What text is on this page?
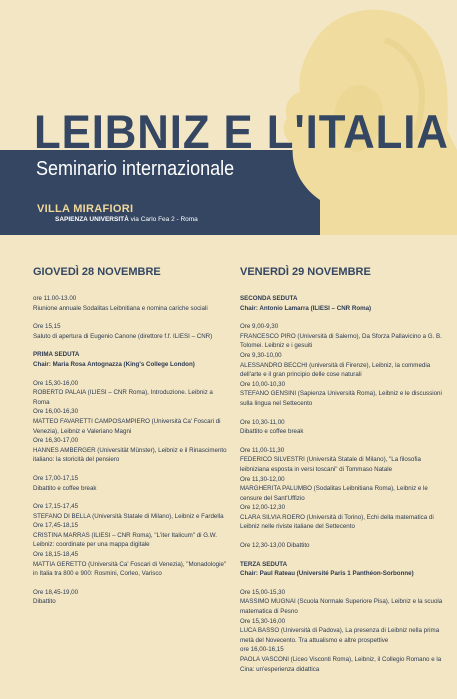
LEIBNIZ E L'ITALIA
Seminario internazionale
VILLA MIRAFIORI
SAPIENZA UNIVERSITÀ via Carlo Fea 2 - Roma
GIOVEDÌ 28 NOVEMBRE
ore 11.00-13.00
Riunione annuale Sodalitas Leibnitiana e nomina cariche sociali
Ore 15,15
Saluto di apertura di Eugenio Canone (direttore f.f. ILIESI – CNR)
PRIMA SEDUTA
Chair: Maria Rosa Antognazza (King's College London)
Ore 15,30-16,00
ROBERTO PALAIA (ILIESI – CNR Roma), Introduzione. Leibniz a Roma
Ore 16,00-16,30
MATTEO FAVARETTI CAMPOSAMPIERO (Università Ca' Foscari di Venezia), Leibniz e Valeriano Magni
Ore 16,30-17,00
HANNES AMBERGER (Universität Münster), Leibniz e il Rinascimento italiano: la storicità del pensiero
Ore 17,00-17,15
Dibattito e coffee break
Ore 17,15-17,45
STEFANO DI BELLA (Università Statale di Milano), Leibniz e Fardella
Ore 17,45-18,15
CRISTINA MARRAS (ILIESI – CNR Roma), "L'iter Italicum" di G.W. Leibniz: coordinate per una mappa digitale
Ore 18,15-18,45
MATTIA GERETTO (Università Ca' Foscari di Venezia), "Monadologie" in Italia tra 800 e 900: Rosmini, Corleo, Varisco
Ore 18,45-19,00
Dibattito
VENERDÌ 29 NOVEMBRE
SECONDA SEDUTA
Chair: Antonio Lamarra (ILIESI – CNR Roma)
Ore 9,00-9,30
FRANCESCO PIRO (Università di Salerno), Da Sforza Pallavicino a G. B. Tolomei. Leibniz e i gesuiti
Ore 9,30-10,00
ALESSANDRO BECCHI (università di Firenze), Leibniz, la commedia dell'arte e il gran principio delle cose naturali
Ore 10,00-10,30
STEFANO GENSINI (Sapienza Università Roma), Leibniz e le discussioni sulla lingua nel Settecento
Ore 10,30-11,00
Dibattito e coffee break
Ore 11,00-11,30
FEDERICO SILVESTRI (Università Statale di Milano), "La filosofia leibniziana esposta in versi toscani" di Tommaso Natale
Ore 11,30-12,00
MARGHERITA PALUMBO (Sodalitas Leibnitiana Roma), Leibniz e le censure del Sant'Uffizio
Ore 12,00-12,30
CLARA SILVIA ROERO (Università di Torino), Echi della matematica di Leibniz nelle riviste italiane del Settecento
Ore 12,30-13,00 Dibattito
TERZA SEDUTA
Chair: Paul Rateau (Université Paris 1 Panthéon-Sorbonne)
Ore 15,00-15,30
MASSIMO MUGNAI (Scuola Normale Superiore Pisa), Leibniz e la scuola matematica di Pesno
Ore 15,30-16,00
LUCA BASSO (Università di Padova), La presenza di Leibniz nella prima metà del Novecento. Tra attualismo e altre prospettive
ore 16,00-16,15
PAOLA VASCONI (Liceo Visconti Roma), Leibniz, il Collegio Romano e la Cina: un'esperienza didattica
